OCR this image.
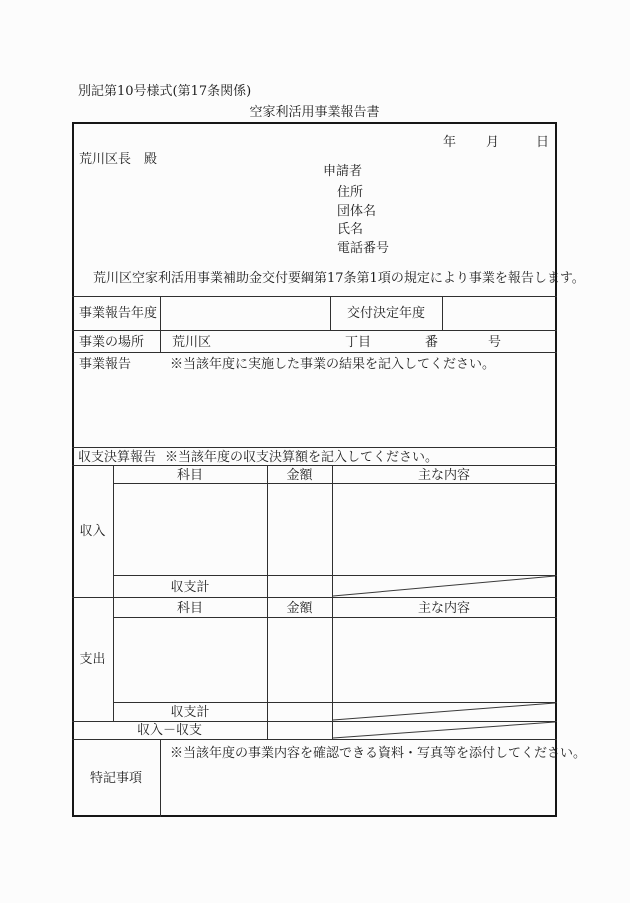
別記第10号様式(第17条関係)
空家利活用事業報告書
年 月	日
荒川区長　殿
申請者
住所
団体名
氏名
電話番号
荒川区空家利活用事業補助金交付要綱第17条第1項の規定により事業を報告します。
事業報告年度	交付決定年度
事業の場所 荒川区	丁目	番	号
事業報告	※当該年度に実施した事業の結果を記入してください。
収支決算報告 ※当該年度の収支決算額を記入してください。
科目	金額	主な内容
収入
収支計
科目	金額	主な内容
支出
収支計
収入－収支
特記事項
※当該年度の事業内容を確認できる資料・写真等を添付してください。
